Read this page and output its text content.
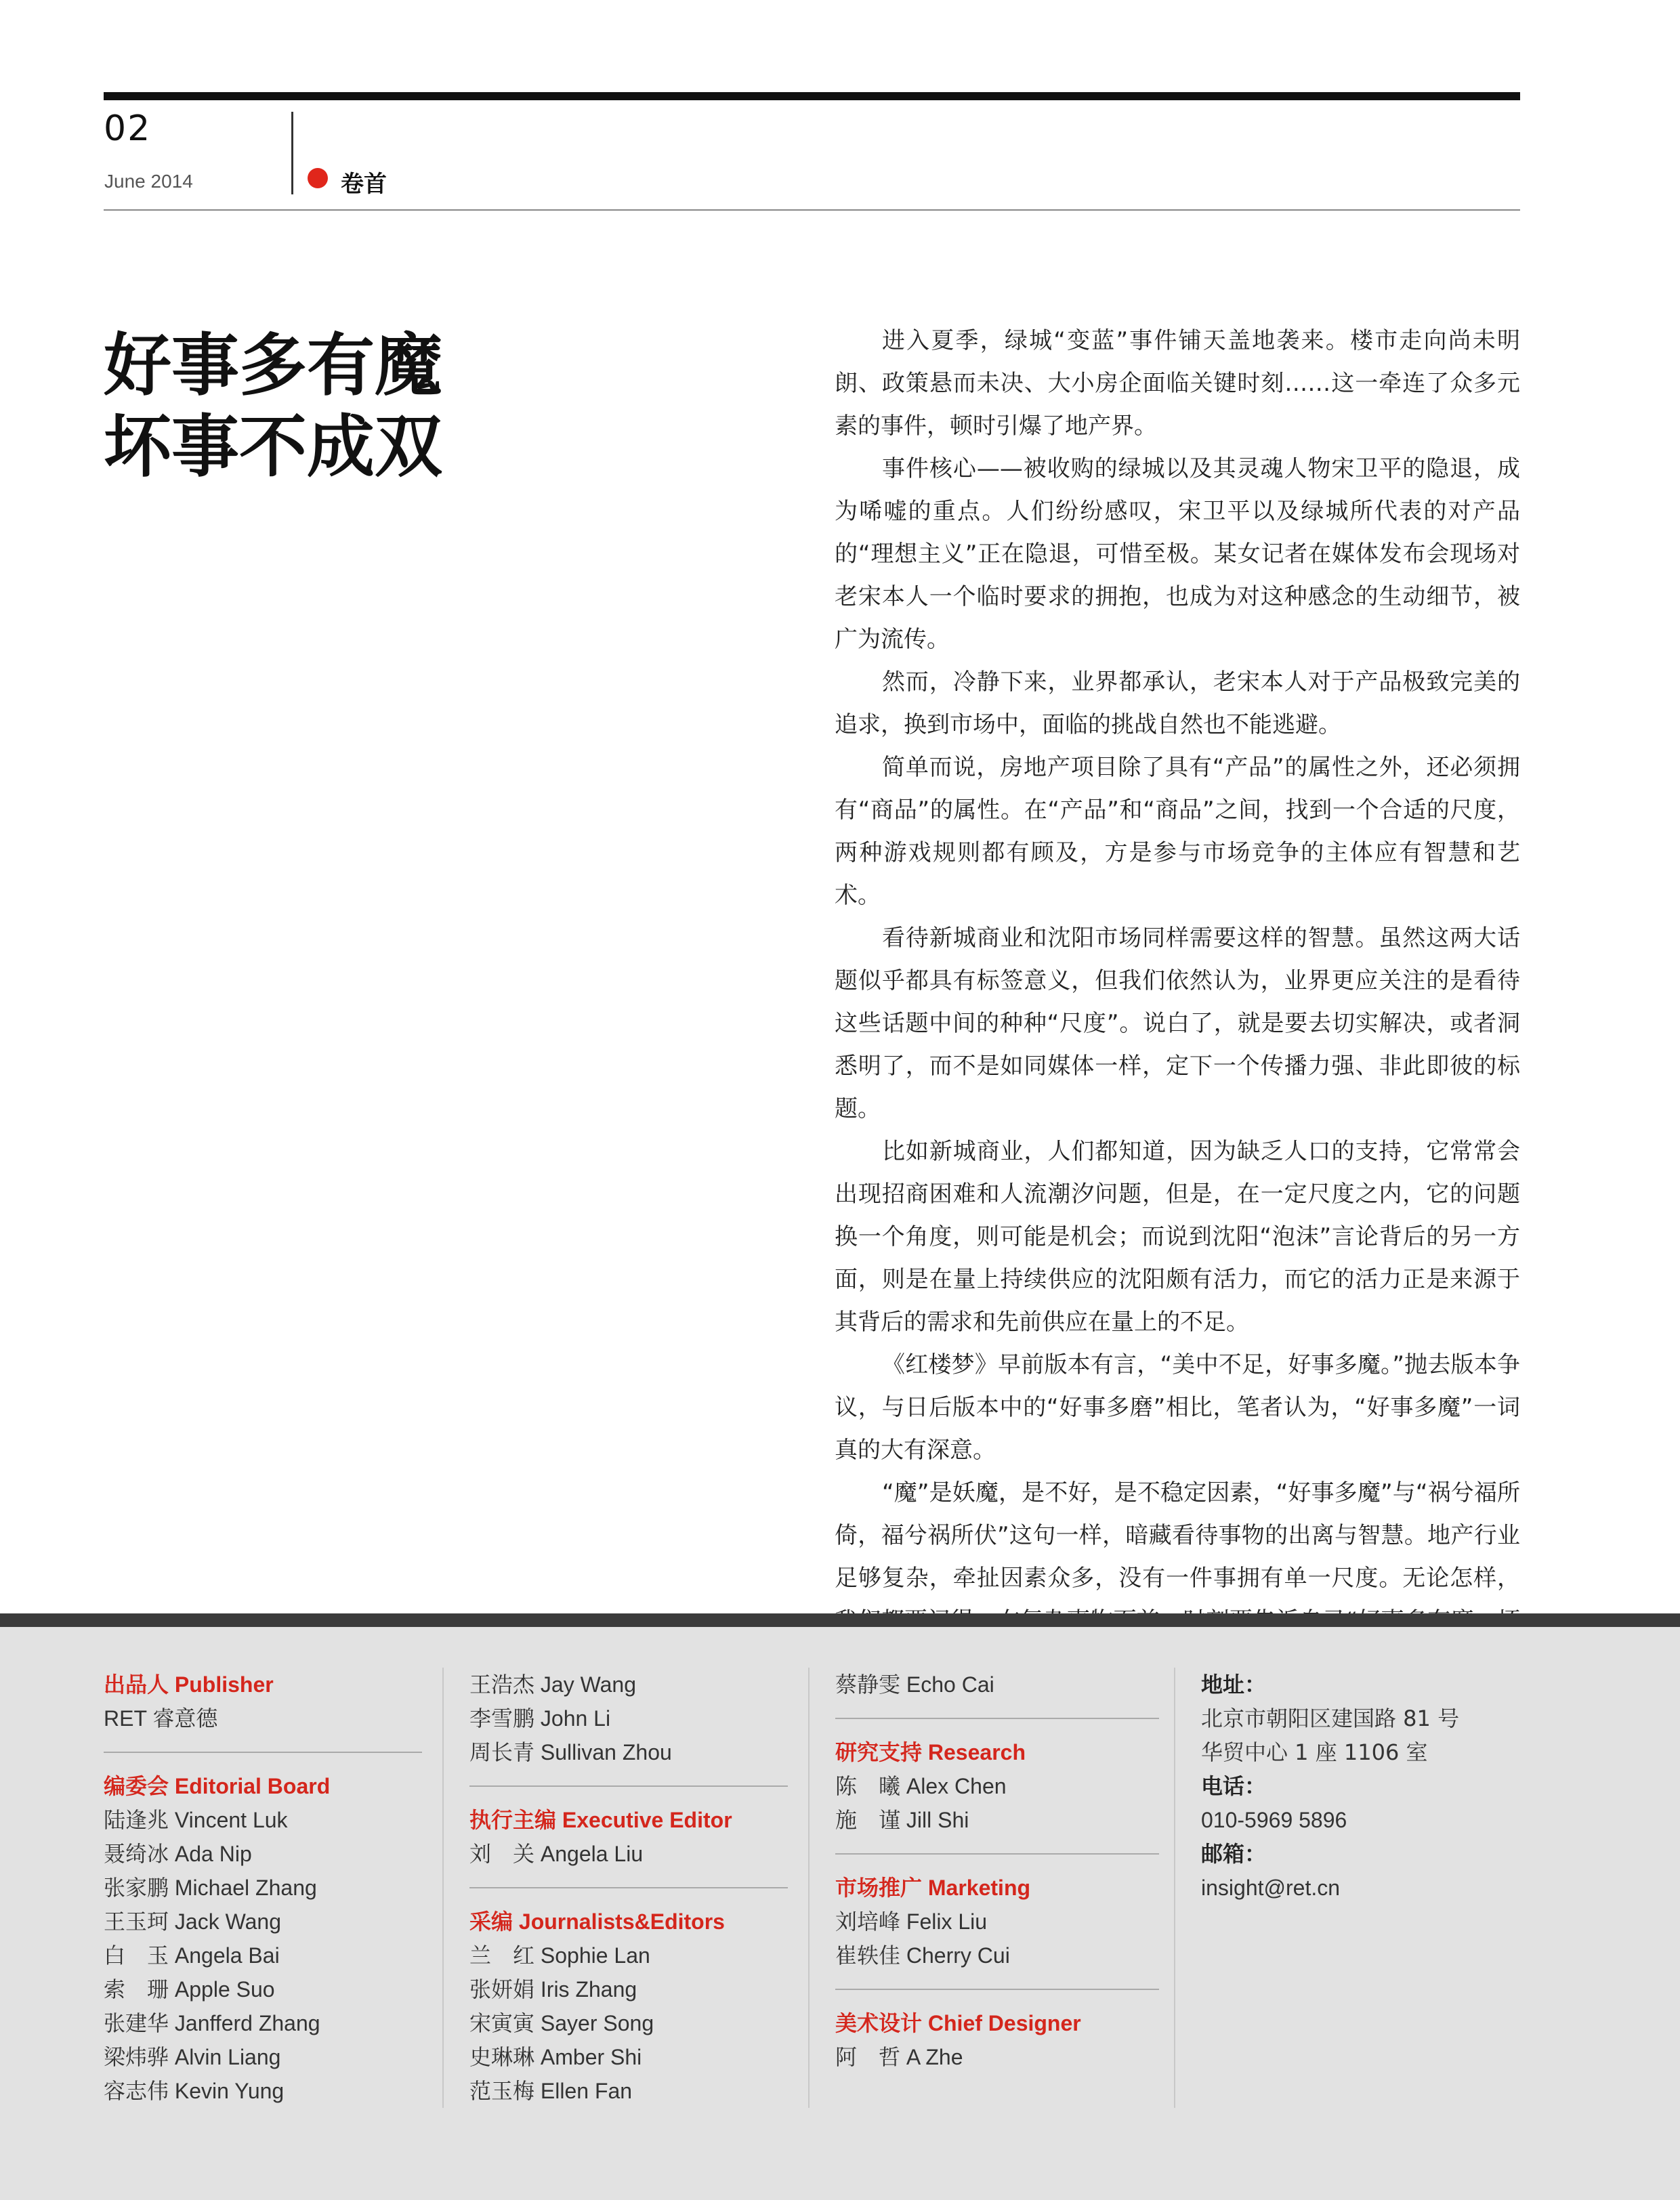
02
June 2014	卷首
好事多有魔
坏事不成双

进入夏季，绿城“变蓝”事件铺天盖地袭来。楼市走向尚未明朗、政策悬而未决、大小房企面临关键时刻……这一牵连了众多元素的事件，顿时引爆了地产界。

事件核心——被收购的绿城以及其灵魂人物宋卫平的隐退，成为唏嘘的重点。人们纷纷感叹，宋卫平以及绿城所代表的对产品的“理想主义”正在隐退，可惜至极。某女记者在媒体发布会现场对老宋本人一个临时要求的拥抱，也成为对这种感念的生动细节，被广为流传。

然而，冷静下来，业界都承认，老宋本人对于产品极致完美的追求，换到市场中，面临的挑战自然也不能逃避。

简单而说，房地产项目除了具有“产品”的属性之外，还必须拥有“商品”的属性。在“产品”和“商品”之间，找到一个合适的尺度，两种游戏规则都有顾及，方是参与市场竞争的主体应有智慧和艺术。

看待新城商业和沈阳市场同样需要这样的智慧。虽然这两大话题似乎都具有标签意义，但我们依然认为，业界更应关注的是看待这些话题中间的种种“尺度”。说白了，就是要去切实解决，或者洞悉明了，而不是如同媒体一样，定下一个传播力强、非此即彼的标题。

比如新城商业，人们都知道，因为缺乏人口的支持，它常常会出现招商困难和人流潮汐问题，但是，在一定尺度之内，它的问题换一个角度，则可能是机会；而说到沈阳“泡沫”言论背后的另一方面，则是在量上持续供应的沈阳颇有活力，而它的活力正是来源于其背后的需求和先前供应在量上的不足。

《红楼梦》早前版本有言，“美中不足，好事多魔。”抛去版本争议，与日后版本中的“好事多磨”相比，笔者认为，“好事多魔”一词真的大有深意。

“魔”是妖魔，是不好，是不稳定因素，“好事多魔”与“祸兮福所倚，福兮祸所伏”这句一样，暗藏看待事物的出离与智慧。地产行业足够复杂，牵扯因素众多，没有一件事拥有单一尺度。无论怎样，

出品人 Publisher
RET 睿意德
编委会 Editorial Board
陆逢兆 Vincent Luk
聂绮冰 Ada Nip
张家鹏 Michael Zhang
王玉珂 Jack Wang
白　玉 Angela Bai
索　珊 Apple Suo
张建华 Janfferd Zhang
梁炜骅 Alvin Liang
容志伟 Kevin Yung
王浩杰 Jay Wang
李雪鹏 John Li
周长青 Sullivan Zhou
执行主编 Executive Editor
刘　关 Angela Liu
采编 Journalists&Editors
兰　红 Sophie Lan
张妍娟 Iris Zhang
宋寅寅 Sayer Song
史琳琳 Amber Shi
范玉梅 Ellen Fan
蔡静雯 Echo Cai
研究支持 Research
陈　曦 Alex Chen
施　谨 Jill Shi
市场推广 Marketing
刘培峰 Felix Liu
崔轶佳 Cherry Cui
美术设计 Chief Designer
阿　哲 A Zhe
地址：
北京市朝阳区建国路 81 号
华贸中心 1 座 1106 室
电话：
010-5969 5896
邮箱：
insight@ret.cn
